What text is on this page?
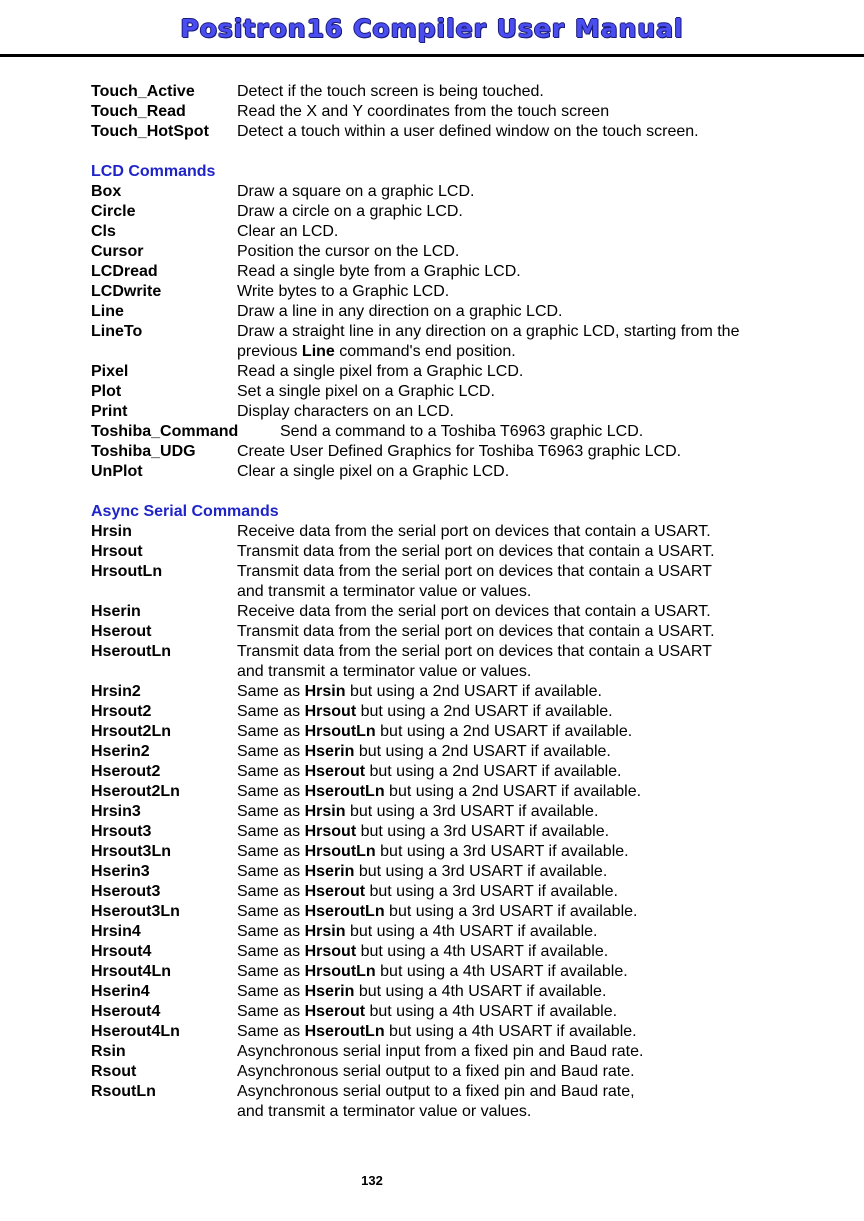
Positron16 Compiler User Manual
Touch_Active	Detect if the touch screen is being touched.
Touch_Read	Read the X and Y coordinates from the touch screen
Touch_HotSpot	Detect a touch within a user defined window on the touch screen.
LCD Commands
Box	Draw a square on a graphic LCD.
Circle	Draw a circle on a graphic LCD.
Cls	Clear an LCD.
Cursor	Position the cursor on the LCD.
LCDread	Read a single byte from a Graphic LCD.
LCDwrite	Write bytes to a Graphic LCD.
Line	Draw a line in any direction on a graphic LCD.
LineTo	Draw a straight line in any direction on a graphic LCD, starting from the
previous Line command's end position.
Pixel	Read a single pixel from a Graphic LCD.
Plot	Set a single pixel on a Graphic LCD.
Print	Display characters on an LCD.
Toshiba_Command	Send a command to a Toshiba T6963 graphic LCD.
Toshiba_UDG	Create User Defined Graphics for Toshiba T6963 graphic LCD.
UnPlot	Clear a single pixel on a Graphic LCD.
Async Serial Commands
Hrsin	Receive data from the serial port on devices that contain a USART.
Hrsout	Transmit data from the serial port on devices that contain a USART.
HrsoutLn	Transmit data from the serial port on devices that contain a USART
and transmit a terminator value or values.
Hserin	Receive data from the serial port on devices that contain a USART.
Hserout	Transmit data from the serial port on devices that contain a USART.
HseroutLn	Transmit data from the serial port on devices that contain a USART
and transmit a terminator value or values.
Hrsin2	Same as Hrsin but using a 2nd USART if available.
Hrsout2	Same as Hrsout but using a 2nd USART if available.
Hrsout2Ln	Same as HrsoutLn but using a 2nd USART if available.
Hserin2	Same as Hserin but using a 2nd USART if available.
Hserout2	Same as Hserout but using a 2nd USART if available.
Hserout2Ln	Same as HseroutLn but using a 2nd USART if available.
Hrsin3	Same as Hrsin but using a 3rd USART if available.
Hrsout3	Same as Hrsout but using a 3rd USART if available.
Hrsout3Ln	Same as HrsoutLn but using a 3rd USART if available.
Hserin3	Same as Hserin but using a 3rd USART if available.
Hserout3	Same as Hserout but using a 3rd USART if available.
Hserout3Ln	Same as HseroutLn but using a 3rd USART if available.
Hrsin4	Same as Hrsin but using a 4th USART if available.
Hrsout4	Same as Hrsout but using a 4th USART if available.
Hrsout4Ln	Same as HrsoutLn but using a 4th USART if available.
Hserin4	Same as Hserin but using a 4th USART if available.
Hserout4	Same as Hserout but using a 4th USART if available.
Hserout4Ln	Same as HseroutLn but using a 4th USART if available.
Rsin	Asynchronous serial input from a fixed pin and Baud rate.
Rsout	Asynchronous serial output to a fixed pin and Baud rate.
RsoutLn	Asynchronous serial output to a fixed pin and Baud rate,
and transmit a terminator value or values.
132
